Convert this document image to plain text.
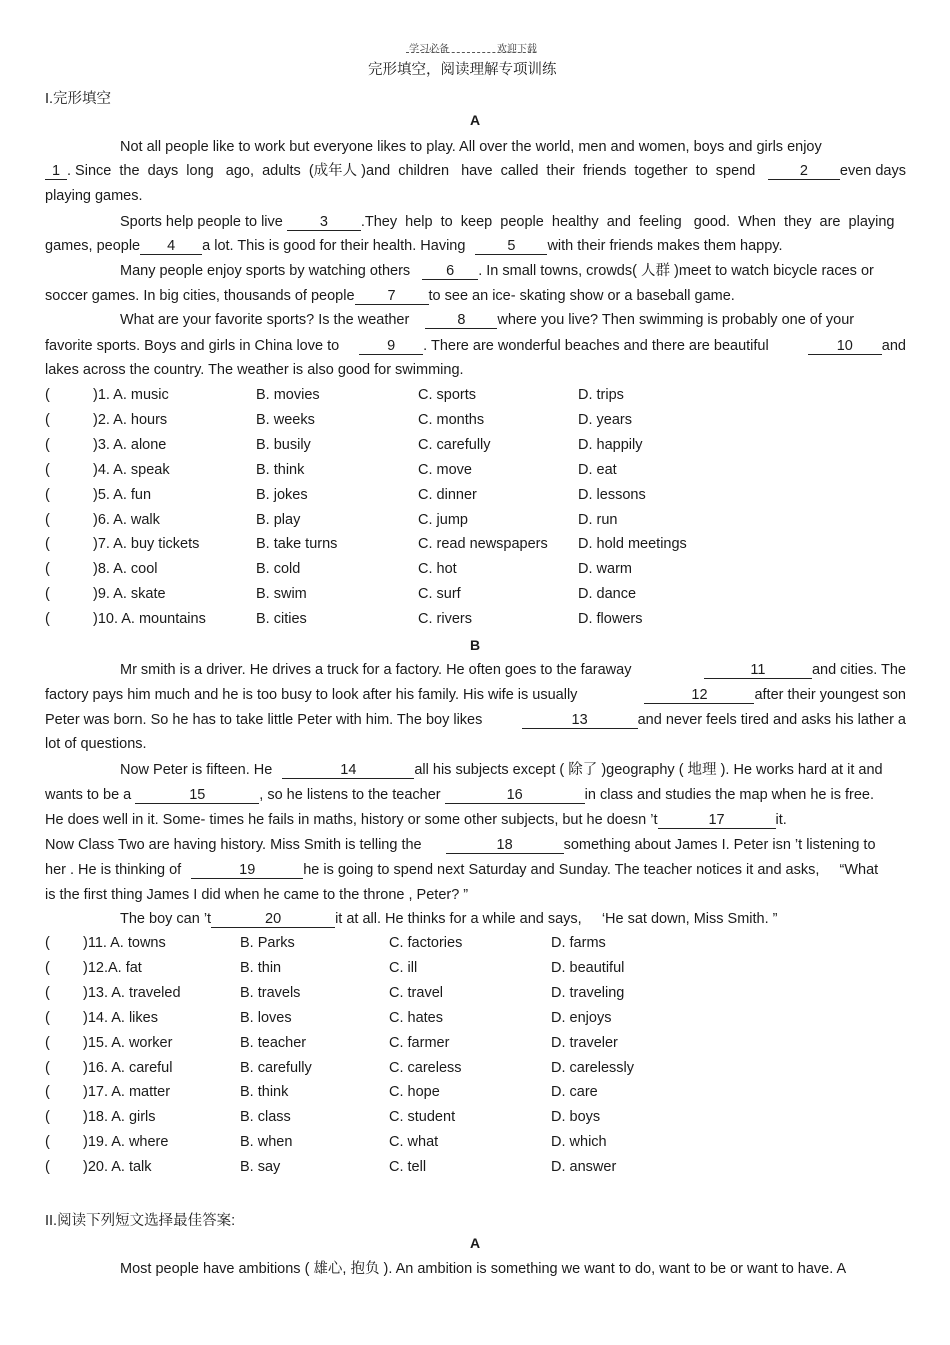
学习必备	欢迎下载
完形填空，阅读理解专项训练
I.完形填空
A
Not all people like to work but everyone likes to play. All over the world, men and women, boys and girls enjoy
1 . Since  the  days  long   ago,  adults  (成年人 )and  children   have  called  their  friends  together  to  spend	2 even days
playing games.
Sports help people to live	3 .They  help  to  keep  people  healthy  and  feeling   good.  When  they  are  playing
games, people 4 a lot. This is good for their health. Having	5 with their friends makes them happy.
Many people enjoy sports by watching others 6 . In small towns, crowds( 人群 )meet to watch bicycle races or
soccer games. In big cities, thousands of people 7 to see an ice- skating show or a baseball game.
What are your favorite sports? Is the weather	8 where you live? Then swimming is probably one of your
favorite sports. Boys and girls in China love to	9 . There are wonderful beaches and there are beautiful	10 and
lakes across the country. The weather is also good for swimming.
(	)1. A. music	B. movies	C. sports	D. trips
(	)2. A. hours	B. weeks	C. months	D. years
(	)3. A. alone	B. busily	C. carefully	D. happily
(	)4. A. speak	B. think	C. move	D. eat
(	)5. A. fun	B. jokes	C. dinner	D. lessons
(	)6. A. walk	B. play	C. jump	D. run
(	)7. A. buy tickets	B. take turns	C. read newspapers D. hold meetings
(	)8. A. cool	B. cold	C. hot	D. warm
(	)9. A. skate	B. swim	C. surf	D. dance
(	)10. A. mountains	B. cities	C. rivers	D. flowers
B
Mr smith is a driver. He drives a truck for a factory. He often goes to the faraway	11	and cities. The
factory pays him much and he is too busy to look after his family. His wife is usually	12	after their youngest son
Peter was born. So he has to take little Peter with him. The boy likes	13	and never feels tired and asks his lather a
lot of questions.
Now Peter is fifteen. He	14	all his subjects except ( 除了 )geography ( 地理 ). He works hard at it and
wants to be a	15	, so he listens to the teacher	16	in class and studies the map when he is free.
He does well in it. Some- times he fails in maths, history or some other subjects, but he doesn ’t	17	it.
Now Class Two are having history. Miss Smith is telling the	18	something about James I. Peter isn ’t listening to
her . He is thinking of	19	he is going to spend next Saturday and Sunday. The teacher notices it and asks,     “What
is the first thing James I did when he came to the throne , Peter? ”
The boy can ’t	20	it at all. He thinks for a while and says,     ‘He sat down, Miss Smith. ”
( )11. A. towns	B. Parks	C. factories	D. farms
( )12.A. fat	B. thin	C. ill	D. beautiful
( )13. A. traveled	B. travels	C. travel	D. traveling
( )14. A. likes	B. loves	C. hates	D. enjoys
( )15. A. worker	B. teacher	C. farmer	D. traveler
( )16. A. careful	B. carefully	C. careless	D. carelessly
( )17. A. matter	B. think	C. hope	D. care
( )18. A. girls	B. class	C. student	D. boys
( )19. A. where	B. when	C. what	D. which
( )20. A. talk	B. say	C. tell	D. answer
II.阅读下列短文选择最佳答案:
A
Most people have ambitions ( 雄心, 抱负 ). An ambition is something we want to do, want to be or want to have. A
